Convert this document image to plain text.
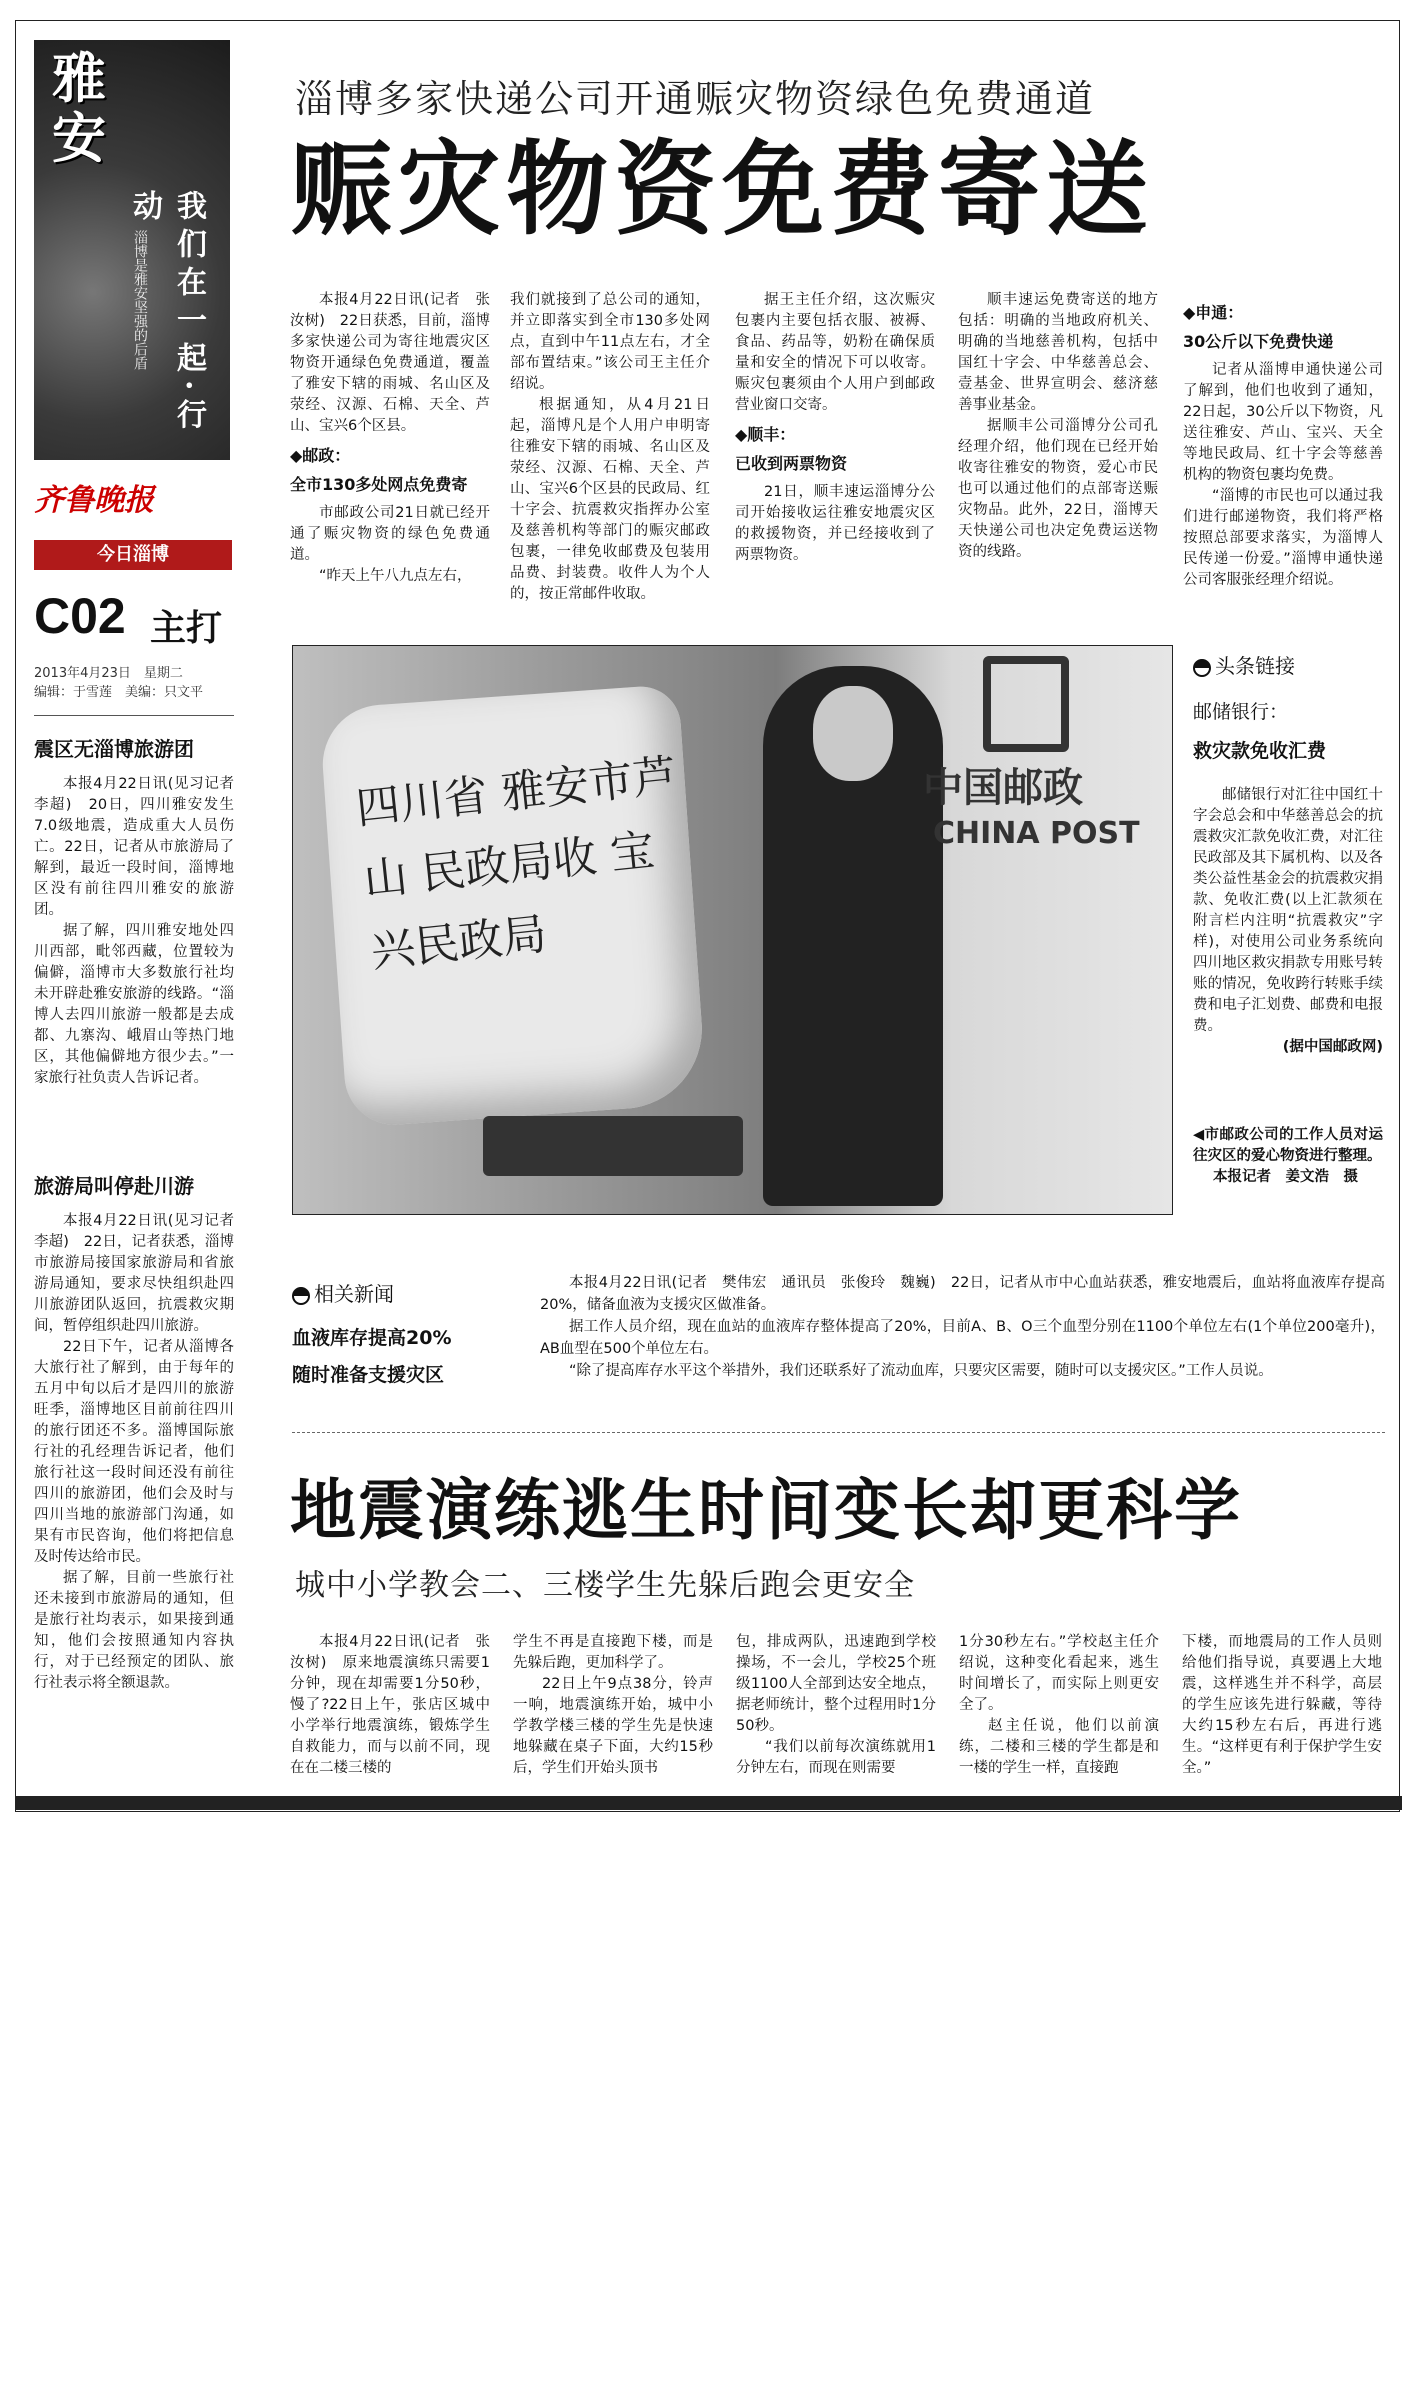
雅
安
我们在一起·行动
淄博是雅安坚强的后盾
齐鲁晚报
今日淄博
C02 主打
2013年4月23日　星期二
编辑：于雪莲　美编：只文平
震区无淄博旅游团

本报4月22日讯(见习记者　李超)　20日，四川雅安发生7.0级地震，造成重大人员伤亡。22日，记者从市旅游局了解到，最近一段时间，淄博地区没有前往四川雅安的旅游团。

据了解，四川雅安地处四川西部，毗邻西藏，位置较为偏僻，淄博市大多数旅行社均未开辟赴雅安旅游的线路。“淄博人去四川旅游一般都是去成都、九寨沟、峨眉山等热门地区，其他偏僻地方很少去。”一家旅行社负责人告诉记者。

旅游局叫停赴川游

本报4月22日讯(见习记者　李超)　22日，记者获悉，淄博市旅游局接国家旅游局和省旅游局通知，要求尽快组织赴四川旅游团队返回，抗震救灾期间，暂停组织赴四川旅游。

22日下午，记者从淄博各大旅行社了解到，由于每年的五月中旬以后才是四川的旅游旺季，淄博地区目前前往四川的旅行团还不多。淄博国际旅行社的孔经理告诉记者，他们旅行社这一段时间还没有前往四川的旅游团，他们会及时与四川当地的旅游部门沟通，如果有市民咨询，他们将把信息及时传达给市民。

据了解，目前一些旅行社还未接到市旅游局的通知，但是旅行社均表示，如果接到通知，他们会按照通知内容执行，对于已经预定的团队、旅行社表示将全额退款。

淄博多家快递公司开通赈灾物资绿色免费通道
赈灾物资免费寄送

本报4月22日讯(记者　张汝树)　22日获悉，目前，淄博多家快递公司为寄往地震灾区物资开通绿色免费通道，覆盖了雅安下辖的雨城、名山区及荥经、汉源、石棉、天全、芦山、宝兴6个区县。

◆邮政：
全市130多处网点免费寄

市邮政公司21日就已经开通了赈灾物资的绿色免费通道。

“昨天上午八九点左右，

我们就接到了总公司的通知，并立即落实到全市130多处网点，直到中午11点左右，才全部布置结束。”该公司王主任介绍说。

根据通知，从4月21日起，淄博凡是个人用户申明寄往雅安下辖的雨城、名山区及荥经、汉源、石棉、天全、芦山、宝兴6个区县的民政局、红十字会、抗震救灾指挥办公室及慈善机构等部门的赈灾邮政包裹，一律免收邮费及包装用品费、封装费。收件人为个人的，按正常邮件收取。

据王主任介绍，这次赈灾包裹内主要包括衣服、被褥、食品、药品等，奶粉在确保质量和安全的情况下可以收寄。赈灾包裹须由个人用户到邮政营业窗口交寄。

◆顺丰：
已收到两票物资

21日，顺丰速运淄博分公司开始接收运往雅安地震灾区的救援物资，并已经接收到了两票物资。

顺丰速运免费寄送的地方包括：明确的当地政府机关、明确的当地慈善机构，包括中国红十字会、中华慈善总会、壹基金、世界宣明会、慈济慈善事业基金。

据顺丰公司淄博分公司孔经理介绍，他们现在已经开始收寄往雅安的物资，爱心市民也可以通过他们的点部寄送赈灾物品。此外，22日，淄博天天快递公司也决定免费运送物资的线路。

◆申通：
30公斤以下免费快递

记者从淄博申通快递公司了解到，他们也收到了通知，22日起，30公斤以下物资，凡送往雅安、芦山、宝兴、天全等地民政局、红十字会等慈善机构的物资包裹均免费。

“淄博的市民也可以通过我们进行邮递物资，我们将严格按照总部要求落实，为淄博人民传递一份爱。”淄博申通快递公司客服张经理介绍说。

四川省 雅安市芦山 民政局收 宝兴民政局
中国邮政
CHINA POST
头条链接
邮储银行：
救灾款免收汇费

邮储银行对汇往中国红十字会总会和中华慈善总会的抗震救灾汇款免收汇费，对汇往民政部及其下属机构、以及各类公益性基金会的抗震救灾捐款、免收汇费(以上汇款须在附言栏内注明“抗震救灾”字样)，对使用公司业务系统向四川地区救灾捐款专用账号转账的情况，免收跨行转账手续费和电子汇划费、邮费和电报费。

(据中国邮政网)
◀市邮政公司的工作人员对运往灾区的爱心物资进行整理。
本报记者　姜文浩　摄
相关新闻
血液库存提高20%
随时准备支援灾区

本报4月22日讯(记者　樊伟宏　通讯员　张俊玲　魏巍)　22日，记者从市中心血站获悉，雅安地震后，血站将血液库存提高20%，储备血液为支援灾区做准备。

据工作人员介绍，现在血站的血液库存整体提高了20%，目前A、B、O三个血型分别在1100个单位左右(1个单位200毫升)，AB血型在500个单位左右。

“除了提高库存水平这个举措外，我们还联系好了流动血库，只要灾区需要，随时可以支援灾区。”工作人员说。

地震演练逃生时间变长却更科学
城中小学教会二、三楼学生先躲后跑会更安全

本报4月22日讯(记者　张汝树)　原来地震演练只需要1分钟，现在却需要1分50秒，慢了?22日上午，张店区城中小学举行地震演练，锻炼学生自救能力，而与以前不同，现在在二楼三楼的

学生不再是直接跑下楼，而是先躲后跑，更加科学了。

22日上午9点38分，铃声一响，地震演练开始，城中小学教学楼三楼的学生先是快速地躲藏在桌子下面，大约15秒后，学生们开始头顶书

包，排成两队，迅速跑到学校操场，不一会儿，学校25个班级1100人全部到达安全地点，据老师统计，整个过程用时1分50秒。

“我们以前每次演练就用1分钟左右，而现在则需要

1分30秒左右。”学校赵主任介绍说，这种变化看起来，逃生时间增长了，而实际上则更安全了。

赵主任说，他们以前演练，二楼和三楼的学生都是和一楼的学生一样，直接跑

下楼，而地震局的工作人员则给他们指导说，真要遇上大地震，这样逃生并不科学，高层的学生应该先进行躲藏，等待大约15秒左右后，再进行逃生。“这样更有利于保护学生安全。”
